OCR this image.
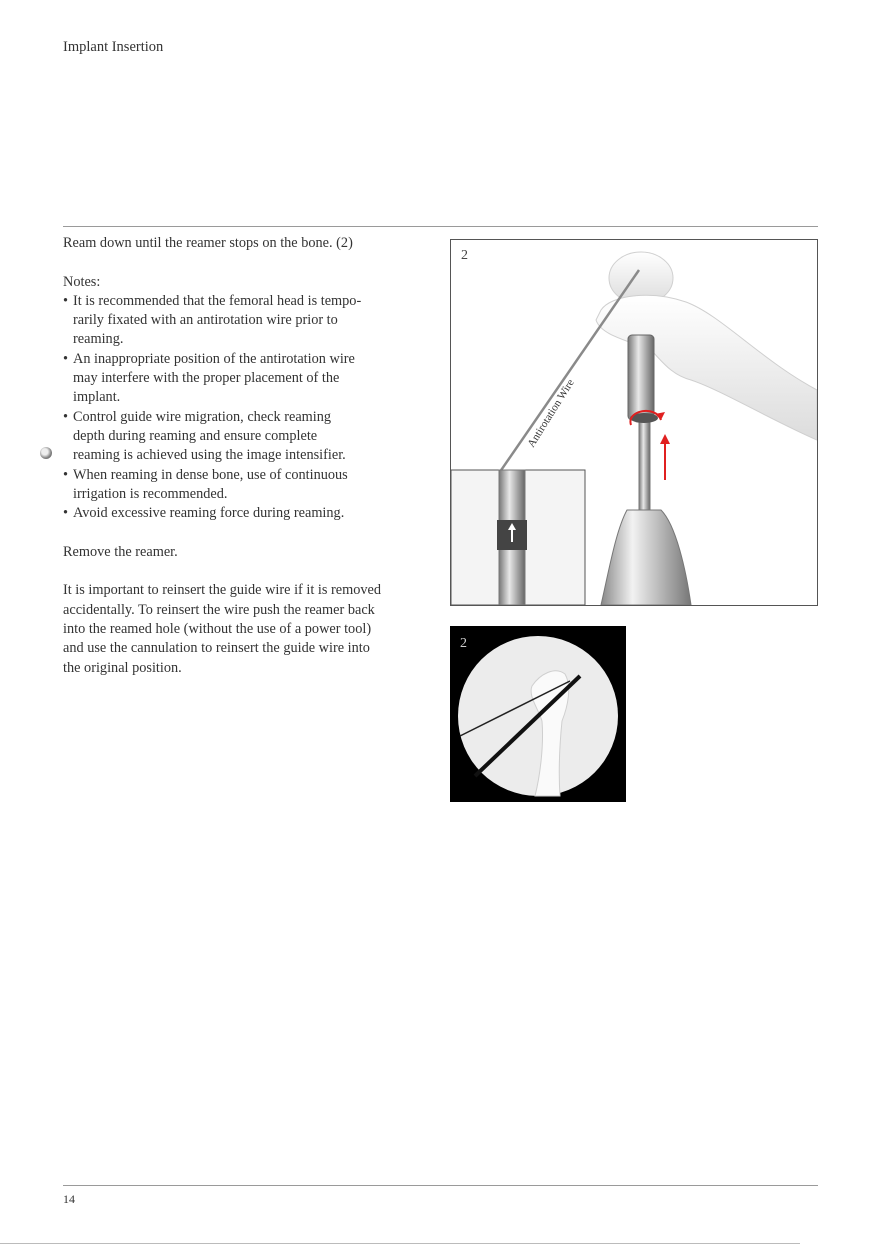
Implant Insertion

Ream down until the reamer stops on the bone. (2)

Notes:

• It is recommended that the femoral head is tempo-
rarily fixated with an antirotation wire prior to
reaming.
• An inappropriate position of the antirotation wire
may interfere with the proper placement of the
implant.
• Control guide wire migration, check reaming
depth during reaming and ensure complete
reaming is achieved using the image intensifier.
• When reaming in dense bone, use of continuous
irrigation is recommended.
• Avoid excessive reaming force during reaming.

Remove the reamer.

It is important to reinsert the guide wire if it is removed
accidentally. To reinsert the wire push the reamer back
into the reamed hole (without the use of a power tool)
and use the cannulation to reinsert the guide wire into
the original position.

Antirotation Wire
2
2
14
